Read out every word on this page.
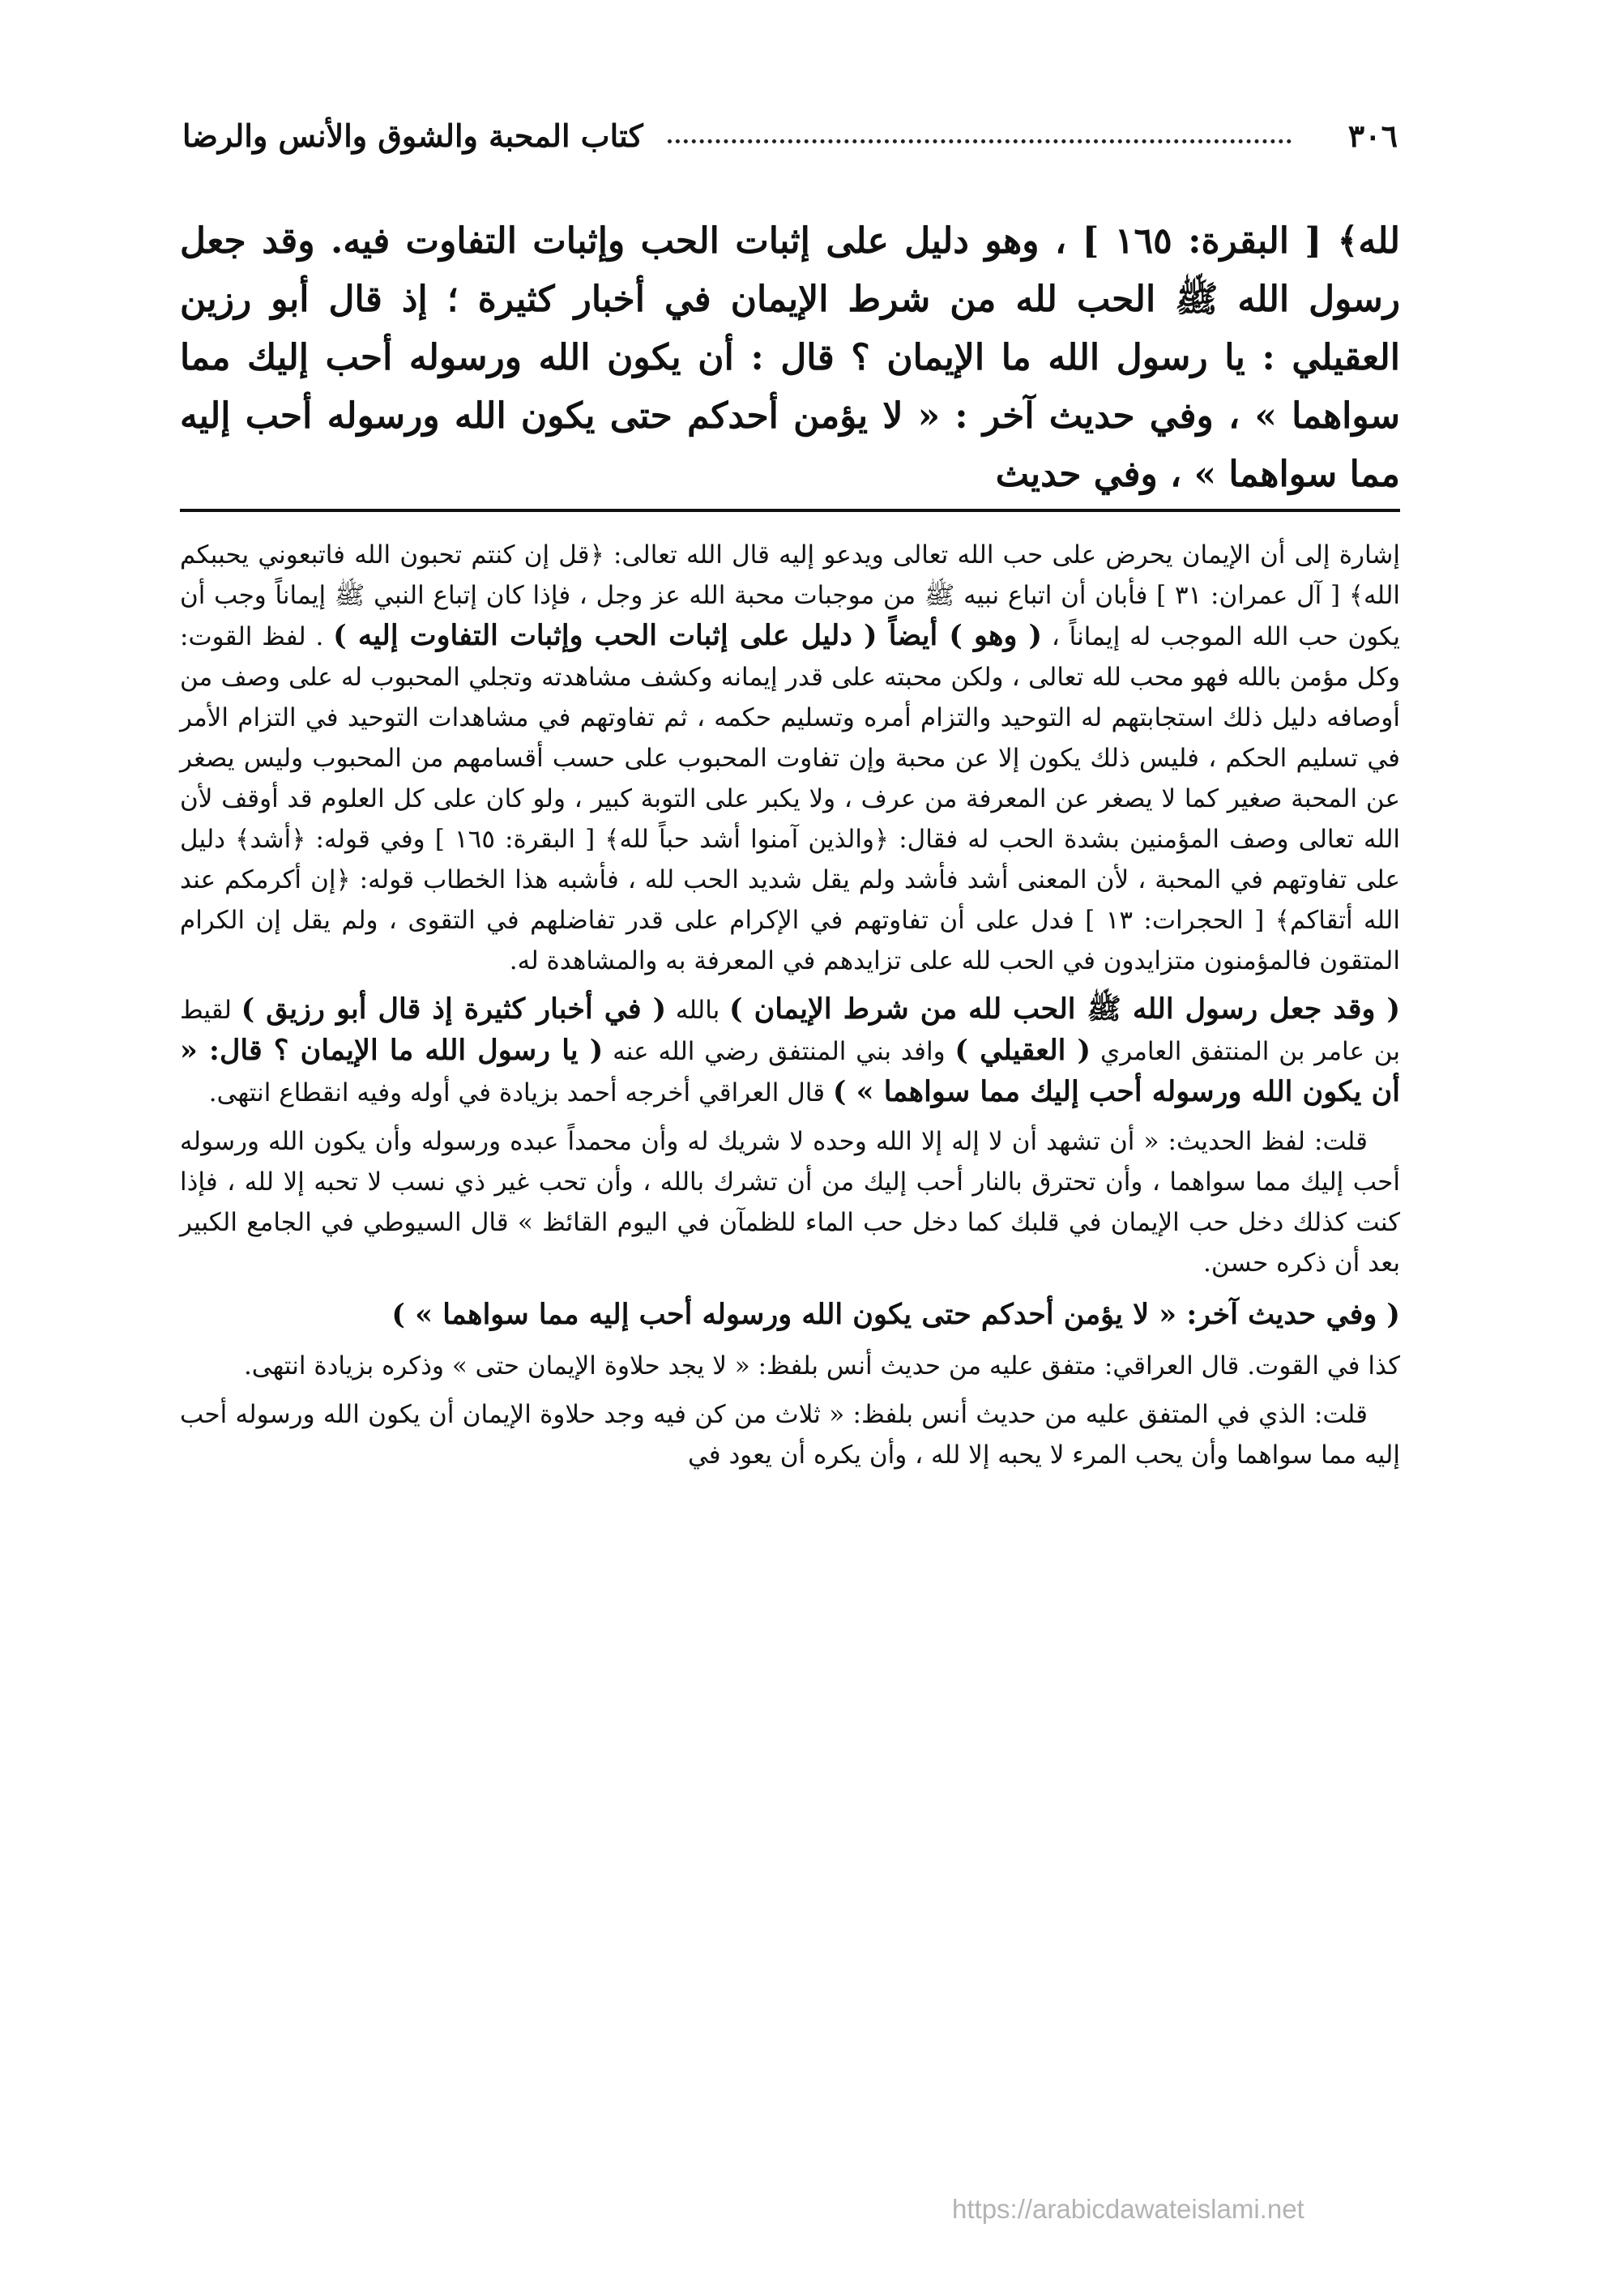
٣٠٦
كتاب المحبة والشوق والأنس والرضا
لله﴾ [ البقرة: ١٦٥ ] ، وهو دليل على إثبات الحب وإثبات التفاوت فيه. وقد جعل رسول الله ﷺ الحب لله من شرط الإيمان في أخبار كثيرة ؛ إذ قال أبو رزين العقيلي : يا رسول الله ما الإيمان ؟ قال : أن يكون الله ورسوله أحب إليك مما سواهما » ، وفي حديث آخر : « لا يؤمن أحدكم حتى يكون الله ورسوله أحب إليه مما سواهما » ، وفي حديث

إشارة إلى أن الإيمان يحرض على حب الله تعالى ويدعو إليه قال الله تعالى: ﴿قل إن كنتم تحبون الله فاتبعوني يحببكم الله﴾ [ آل عمران: ٣١ ] فأبان أن اتباع نبيه ﷺ من موجبات محبة الله عز وجل ، فإذا كان إتباع النبي ﷺ إيماناً وجب أن يكون حب الله الموجب له إيماناً ، ( وهو ) أيضاً ( دليل على إثبات الحب وإثبات التفاوت إليه ) . لفظ القوت: وكل مؤمن بالله فهو محب لله تعالى ، ولكن محبته على قدر إيمانه وكشف مشاهدته وتجلي المحبوب له على وصف من أوصافه دليل ذلك استجابتهم له التوحيد والتزام أمره وتسليم حكمه ، ثم تفاوتهم في مشاهدات التوحيد في التزام الأمر في تسليم الحكم ، فليس ذلك يكون إلا عن محبة وإن تفاوت المحبوب على حسب أقسامهم من المحبوب وليس يصغر عن المحبة صغير كما لا يصغر عن المعرفة من عرف ، ولا يكبر على التوبة كبير ، ولو كان على كل العلوم قد أوقف لأن الله تعالى وصف المؤمنين بشدة الحب له فقال: ﴿والذين آمنوا أشد حباً لله﴾ [ البقرة: ١٦٥ ] وفي قوله: ﴿أشد﴾ دليل على تفاوتهم في المحبة ، لأن المعنى أشد فأشد ولم يقل شديد الحب لله ، فأشبه هذا الخطاب قوله: ﴿إن أكرمكم عند الله أتقاكم﴾ [ الحجرات: ١٣ ] فدل على أن تفاوتهم في الإكرام على قدر تفاضلهم في التقوى ، ولم يقل إن الكرام المتقون فالمؤمنون متزايدون في الحب لله على تزايدهم في المعرفة به والمشاهدة له.

( وقد جعل رسول الله ﷺ الحب لله من شرط الإيمان ) بالله ( في أخبار كثيرة إذ قال أبو رزيق ) لقيط بن عامر بن المنتفق العامري ( العقيلي ) وافد بني المنتفق رضي الله عنه ( يا رسول الله ما الإيمان ؟ قال: « أن يكون الله ورسوله أحب إليك مما سواهما » ) قال العراقي أخرجه أحمد بزيادة في أوله وفيه انقطاع انتهى.

قلت: لفظ الحديث: « أن تشهد أن لا إله إلا الله وحده لا شريك له وأن محمداً عبده ورسوله وأن يكون الله ورسوله أحب إليك مما سواهما ، وأن تحترق بالنار أحب إليك من أن تشرك بالله ، وأن تحب غير ذي نسب لا تحبه إلا لله ، فإذا كنت كذلك دخل حب الإيمان في قلبك كما دخل حب الماء للظمآن في اليوم القائظ » قال السيوطي في الجامع الكبير بعد أن ذكره حسن.

( وفي حديث آخر: « لا يؤمن أحدكم حتى يكون الله ورسوله أحب إليه مما سواهما » )

كذا في القوت. قال العراقي: متفق عليه من حديث أنس بلفظ: « لا يجد حلاوة الإيمان حتى » وذكره بزيادة انتهى.

قلت: الذي في المتفق عليه من حديث أنس بلفظ: « ثلاث من كن فيه وجد حلاوة الإيمان أن يكون الله ورسوله أحب إليه مما سواهما وأن يحب المرء لا يحبه إلا لله ، وأن يكره أن يعود في

https://arabicdawateislami.net
